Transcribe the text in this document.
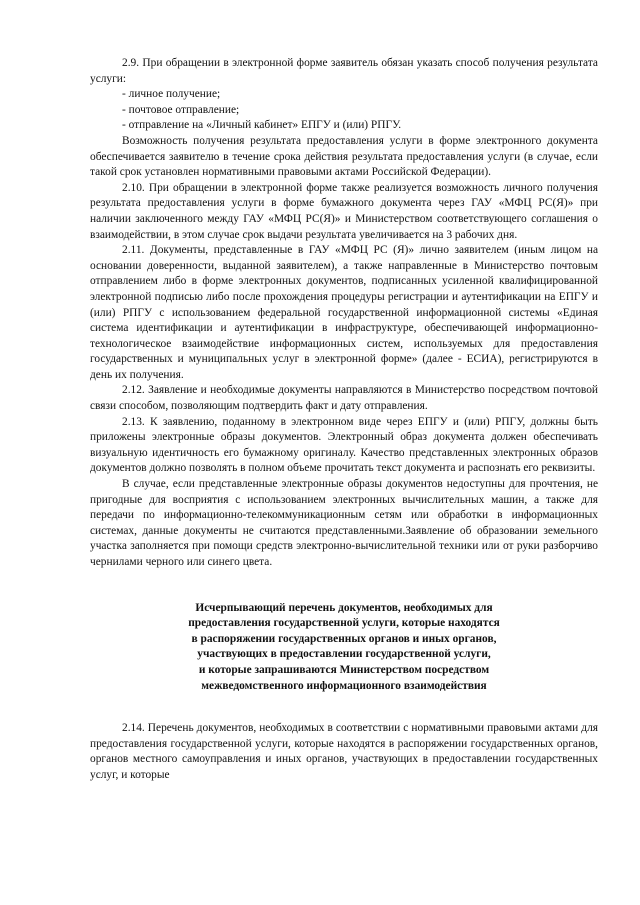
2.9. При обращении в электронной форме заявитель обязан указать способ получения результата услуги:

- личное получение;

- почтовое отправление;

- отправление на «Личный кабинет» ЕПГУ и (или) РПГУ.

Возможность получения результата предоставления услуги в форме электронного документа обеспечивается заявителю в течение срока действия результата предоставления услуги (в случае, если такой срок установлен нормативными правовыми актами Российской Федерации).

2.10. При обращении в электронной форме также реализуется возможность личного получения результата предоставления услуги в форме бумажного документа через ГАУ «МФЦ РС(Я)» при наличии заключенного между ГАУ «МФЦ РС(Я)» и Министерством соответствующего соглашения о взаимодействии, в этом случае срок выдачи результата увеличивается на 3 рабочих дня.

2.11. Документы, представленные в ГАУ «МФЦ РС (Я)» лично заявителем (иным лицом на основании доверенности, выданной заявителем), а также направленные в Министерство почтовым отправлением либо в форме электронных документов, подписанных усиленной квалифицированной электронной подписью либо после прохождения процедуры регистрации и аутентификации на ЕПГУ и (или) РПГУ с использованием федеральной государственной информационной системы «Единая система идентификации и аутентификации в инфраструктуре, обеспечивающей информационно-технологическое взаимодействие информационных систем, используемых для предоставления государственных и муниципальных услуг в электронной форме» (далее - ЕСИА), регистрируются в день их получения.

2.12. Заявление и необходимые документы направляются в Министерство посредством почтовой связи способом, позволяющим подтвердить факт и дату отправления.

2.13. К заявлению, поданному в электронном виде через ЕПГУ и (или) РПГУ, должны быть приложены электронные образы документов. Электронный образ документа должен обеспечивать визуальную идентичность его бумажному оригиналу. Качество представленных электронных образов документов должно позволять в полном объеме прочитать текст документа и распознать его реквизиты.

В случае, если представленные электронные образы документов недоступны для прочтения, не пригодные для восприятия с использованием электронных вычислительных машин, а также для передачи по информационно-телекоммуникационным сетям или обработки в информационных системах, данные документы не считаются представленными.Заявление об образовании земельного участка заполняется при помощи средств электронно-вычислительной техники или от руки разборчиво чернилами черного или синего цвета.

Исчерпывающий перечень документов, необходимых для
предоставления государственной услуги, которые находятся
в распоряжении государственных органов и иных органов,
участвующих в предоставлении государственной услуги,
и которые запрашиваются Министерством посредством
межведомственного информационного взаимодействия

2.14. Перечень документов, необходимых в соответствии с нормативными правовыми актами для предоставления государственной услуги, которые находятся в распоряжении государственных органов, органов местного самоуправления и иных органов, участвующих в предоставлении государственных услуг, и которые
